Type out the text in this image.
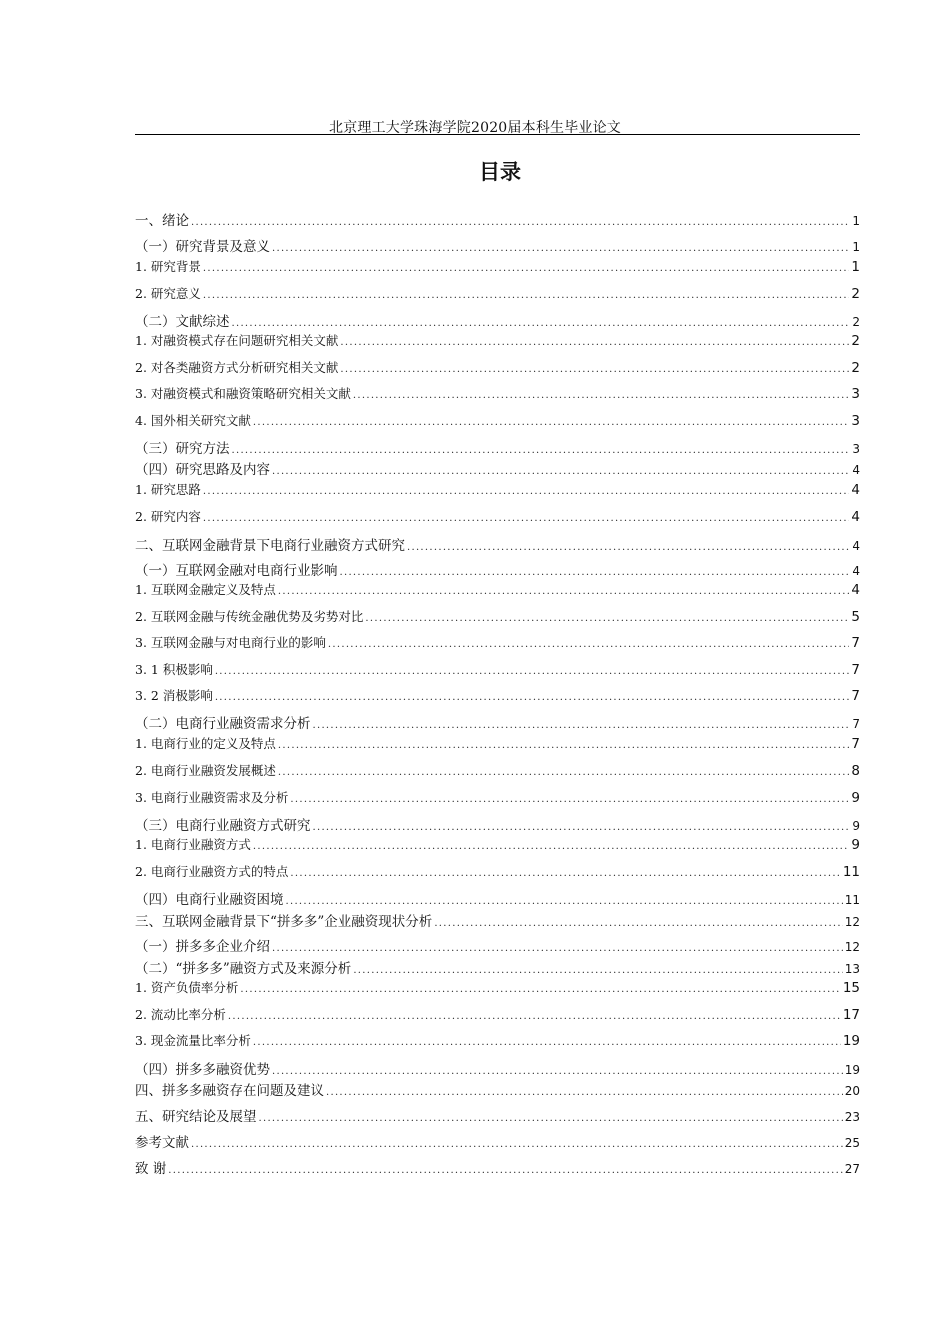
北京理工大学珠海学院2020届本科生毕业论文
目录
一、绪论 .....	1
（一）研究背景及意义 .....	1
1. 研究背景 .....	1
2. 研究意义 .....	2
（二）文献综述 .....	2
1. 对融资模式存在问题研究相关文献 .....	2
2. 对各类融资方式分析研究相关文献 .....	2
3. 对融资模式和融资策略研究相关文献 .....	3
4. 国外相关研究文献 .....	3
（三）研究方法 .....	3
（四）研究思路及内容 .....	4
1. 研究思路 .....	4
2. 研究内容 .....	4
二、互联网金融背景下电商行业融资方式研究 .....	4
（一）互联网金融对电商行业影响 .....	4
1. 互联网金融定义及特点 .....	4
2. 互联网金融与传统金融优势及劣势对比 .....	5
3. 互联网金融与对电商行业的影响 .....	7
3. 1 积极影响 .....	7
3. 2 消极影响 .....	7
（二）电商行业融资需求分析 .....	7
1. 电商行业的定义及特点 .....	7
2. 电商行业融资发展概述 .....	8
3. 电商行业融资需求及分析 .....	9
（三）电商行业融资方式研究 .....	9
1. 电商行业融资方式 .....	9
2. 电商行业融资方式的特点 .....	11
（四）电商行业融资困境 .....	11
三、互联网金融背景下“拼多多”企业融资现状分析 .....	12
（一）拼多多企业介绍 .....	12
（二）“拼多多”融资方式及来源分析 .....	13
1. 资产负债率分析 .....	15
2. 流动比率分析 .....	17
3. 现金流量比率分析 .....	19
（四）拼多多融资优势 .....	19
四、拼多多融资存在问题及建议 .....	20
五、研究结论及展望 .....	23
参考文献 .....	25
致 谢 .....	27
